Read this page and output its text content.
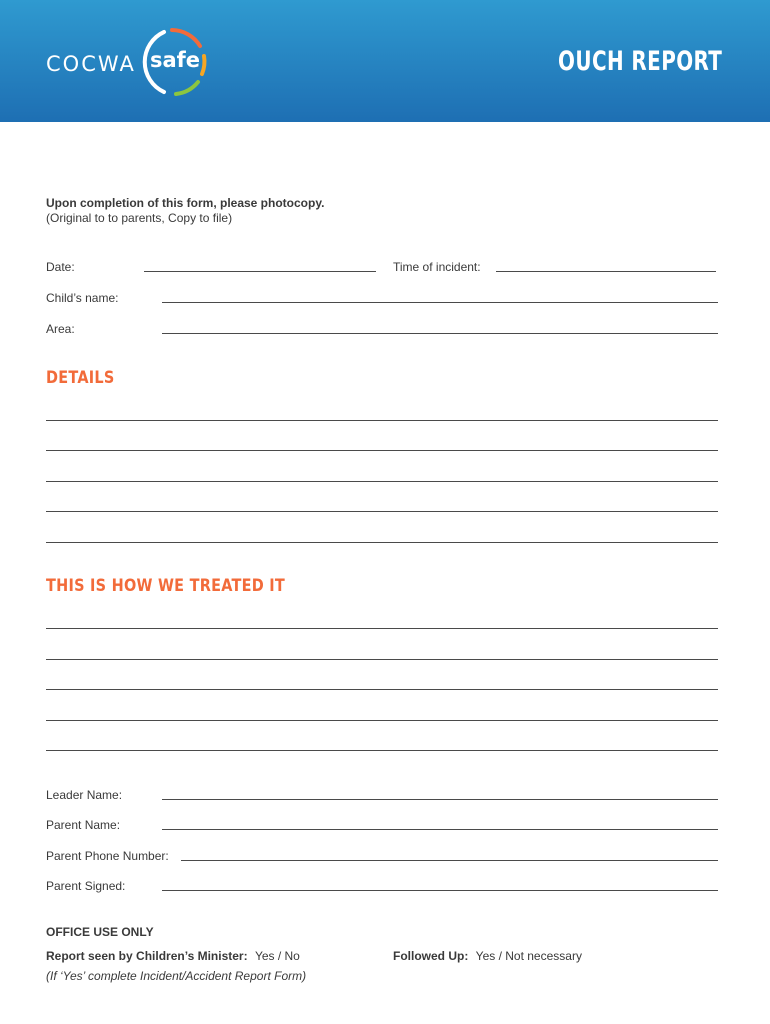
COCWA safe	OUCH REPORT
Upon completion of this form, please photocopy.
(Original to to parents, Copy to file)
Date:	Time of incident:
Child’s name:
Area:
DETAILS
THIS IS HOW WE TREATED IT
Leader Name:
Parent Name:
Parent Phone Number:
Parent Signed:
OFFICE USE ONLY
Report seen by Children’s Minister: Yes / No
(If ‘Yes’ complete Incident/Accident Report Form)
Followed Up: Yes / Not necessary
